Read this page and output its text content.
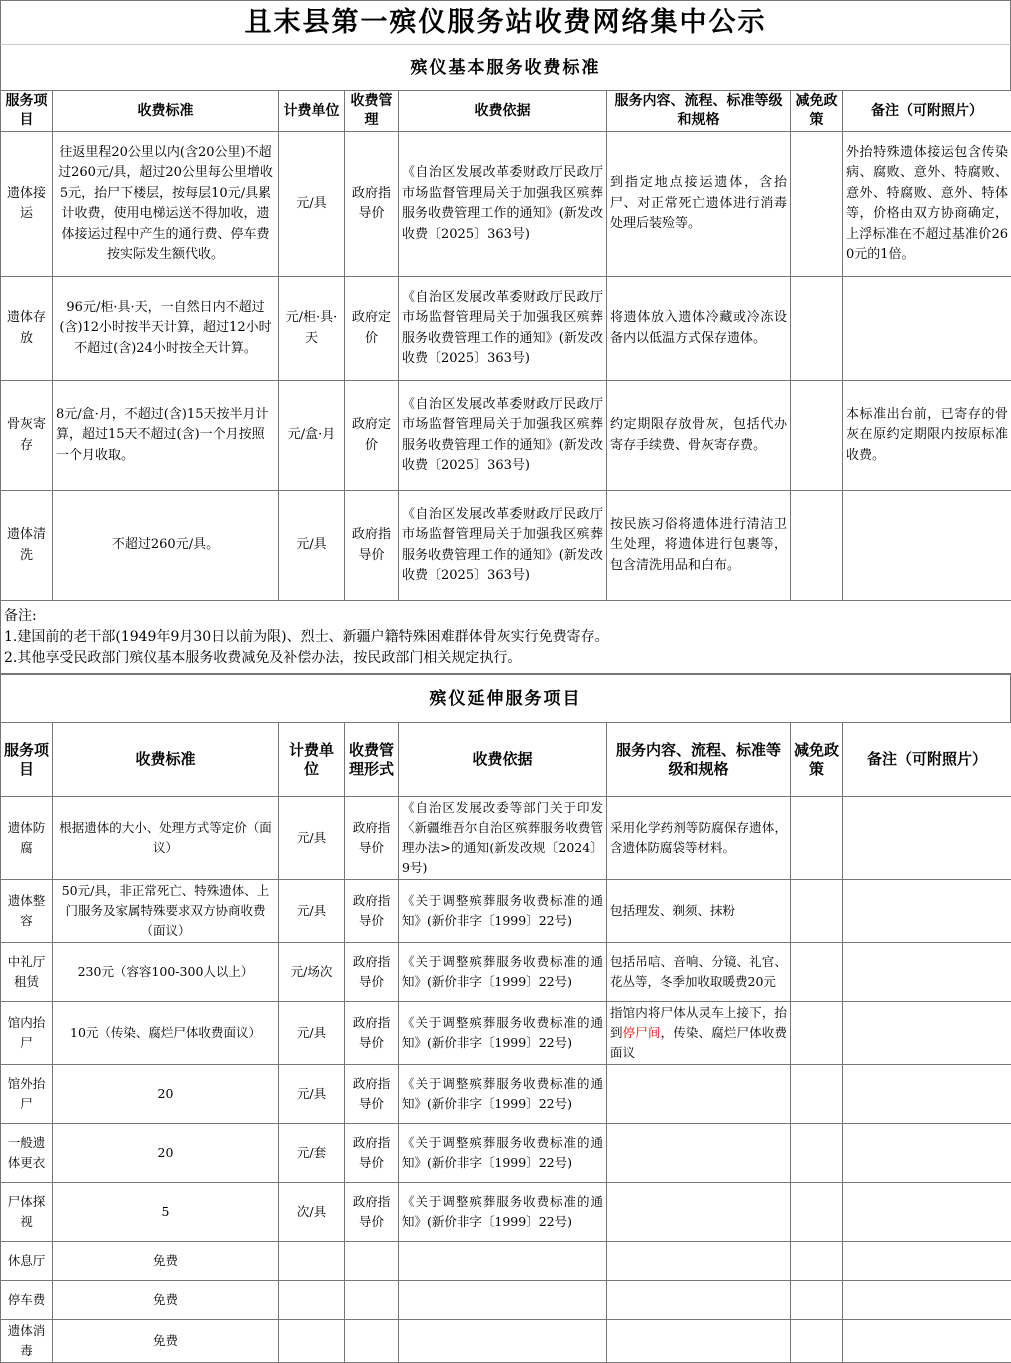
且末县第一殡仪服务站收费网络集中公示
殡仪基本服务收费标准
服务项目	收费标准	计费单位	收费管理	收费依据	服务内容、流程、标准等级和规格	减免政策	备注（可附照片）
遗体接运	往返里程20公里以内(含20公里)不超过260元/具，超过20公里每公里增收5元，抬尸下楼层，按每层10元/具累计收费，使用电梯运送不得加收，遗体接运过程中产生的通行费、停车费按实际发生额代收。	元/具	政府指导价	《自治区发展改革委财政厅民政厅市场监督管理局关于加强我区殡葬服务收费管理工作的通知》(新发改收费〔2025〕363号)	到指定地点接运遗体，含抬尸、对正常死亡遗体进行消毒处理后装殓等。		外抬特殊遗体接运包含传染病、腐败、意外、特腐败、意外、特腐败、意外、特体等，价格由双方协商确定，上浮标准在不超过基准价260元的1倍。
遗体存放	96元/柜·具·天，一自然日内不超过(含)12小时按半天计算，超过12小时不超过(含)24小时按全天计算。	元/柜·具·天	政府定价	《自治区发展改革委财政厅民政厅市场监督管理局关于加强我区殡葬服务收费管理工作的通知》(新发改收费〔2025〕363号)	将遗体放入遗体冷藏或冷冻设备内以低温方式保存遗体。		
骨灰寄存	8元/盒·月，不超过(含)15天按半月计算，超过15天不超过(含)一个月按照一个月收取。	元/盒·月	政府定价	《自治区发展改革委财政厅民政厅市场监督管理局关于加强我区殡葬服务收费管理工作的通知》(新发改收费〔2025〕363号)	约定期限存放骨灰，包括代办寄存手续费、骨灰寄存费。		本标准出台前，已寄存的骨灰在原约定期限内按原标准收费。
遗体清洗	不超过260元/具。	元/具	政府指导价	《自治区发展改革委财政厅民政厅市场监督管理局关于加强我区殡葬服务收费管理工作的通知》(新发改收费〔2025〕363号)	按民族习俗将遗体进行清洁卫生处理，将遗体进行包裹等，包含清洗用品和白布。		

备注:
1.建国前的老干部(1949年9月30日以前为限)、烈士、新疆户籍特殊困难群体骨灰实行免费寄存。
2.其他享受民政部门殡仪基本服务收费减免及补偿办法，按民政部门相关规定执行。							
殡仪延伸服务项目
服务项目	收费标准	计费单位	收费管理形式	收费依据	服务内容、流程、标准等级和规格	减免政策	备注（可附照片）
遗体防腐	根据遗体的大小、处理方式等定价（面议）	元/具	政府指导价	《自治区发展改委等部门关于印发〈新疆维吾尔自治区殡葬服务收费管理办法>的通知(新发改规〔2024〕9号)	采用化学药剂等防腐保存遗体，含遗体防腐袋等材料。		
遗体整容	50元/具，非正常死亡、特殊遗体、上门服务及家属特殊要求双方协商收费（面议）	元/具	政府指导价	《关于调整殡葬服务收费标准的通知》(新价非字〔1999〕22号)	包括理发、剃须、抹粉		
中礼厅租赁	230元（容容100-300人以上）	元/场次	政府指导价	《关于调整殡葬服务收费标准的通知》(新价非字〔1999〕22号)	包括吊唁、音响、分镜、礼官、花丛等，冬季加收取暖费20元		
馆内抬尸	10元（传染、腐烂尸体收费面议）	元/具	政府指导价	《关于调整殡葬服务收费标准的通知》(新价非字〔1999〕22号)	指馆内将尸体从灵车上接下，抬到停尸间，传染、腐烂尸体收费面议		
馆外抬尸	20	元/具	政府指导价	《关于调整殡葬服务收费标准的通知》(新价非字〔1999〕22号)			
一般遗体更衣	20	元/套	政府指导价	《关于调整殡葬服务收费标准的通知》(新价非字〔1999〕22号)			
尸体探视	5	次/具	政府指导价	《关于调整殡葬服务收费标准的通知》(新价非字〔1999〕22号)			
休息厅	免费						
停车费	免费						
遗体消毒	免费						
